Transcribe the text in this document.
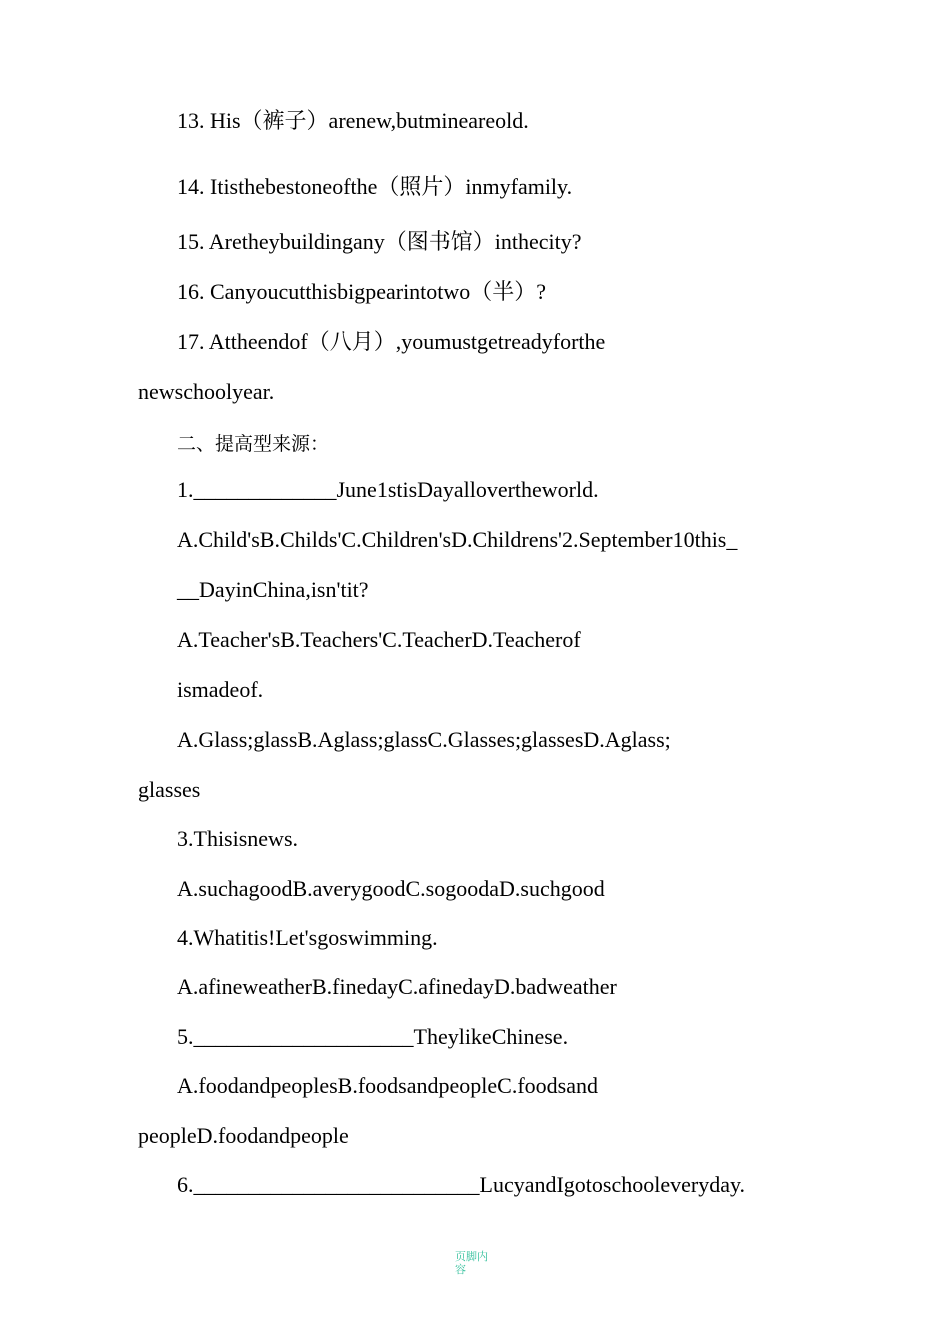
13. His（裤子）arenew,butmineareold.
14. Itisthebestoneofthe（照片）inmyfamily.
15. Aretheybuildingany（图书馆）inthecity?
16. Canyoucutthisbigpearintotwo（半）?
17. Attheendof（八月）,youmustgetreadyforthe
newschoolyear.
二、提高型来源：
1._____________June1stisDayallovertheworld.
A.Child'sB.Childs'C.Children'sD.Childrens'2.September10this_
__DayinChina,isn'tit?
A.Teacher'sB.Teachers'C.TeacherD.Teacherof
ismadeof.
A.Glass;glassB.Aglass;glassC.Glasses;glassesD.Aglass;
glasses
3.Thisisnews.
A.suchagoodB.averygoodC.sogoodaD.suchgood
4.Whatitis!Let'sgoswimming.
A.afineweatherB.finedayC.afinedayD.badweather
5.____________________TheylikeChinese.
A.foodandpeoplesB.foodsandpeopleC.foodsand
peopleD.foodandpeople
6.__________________________LucyandIgotoschooleveryday.
页脚内容
